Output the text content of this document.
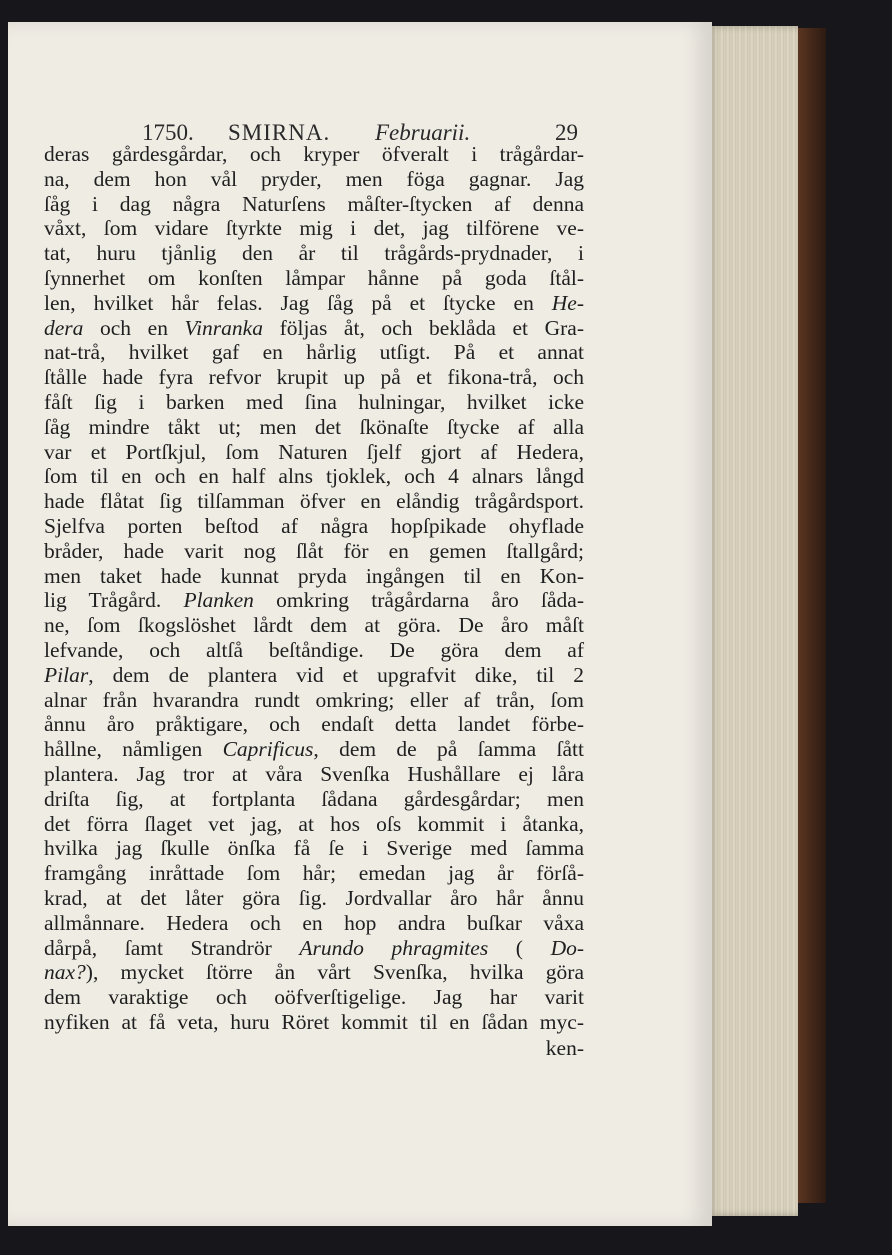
1750. SMIRNA. Februarii.	29
deras gårdesgårdar, och kryper öfveralt i trågårdar-
na, dem hon vål pryder, men föga gagnar. Jag
ſåg i dag några Naturſens måſter-ſtycken af denna
våxt, ſom vidare ſtyrkte mig i det, jag tilförene ve-
tat, huru tjånlig den år til trågårds-prydnader, i
ſynnerhet om konſten låmpar hånne på goda ſtål-
len, hvilket hår felas. Jag ſåg på et ſtycke en He-
dera och en Vinranka följas åt, och beklåda et Gra-
nat-trå, hvilket gaf en hårlig utſigt. På et annat
ſtålle hade fyra refvor krupit up på et fikona-trå, och
fåſt ſig i barken med ſina hulningar, hvilket icke
ſåg mindre tåkt ut; men det ſkönaſte ſtycke af alla
var et Portſkjul, ſom Naturen ſjelf gjort af Hedera,
ſom til en och en half alns tjoklek, och 4 alnars långd
hade flåtat ſig tilſamman öfver en elåndig trågårdsport.
Sjelfva porten beſtod af några hopſpikade ohyflade
bråder, hade varit nog ſlåt för en gemen ſtallgård;
men taket hade kunnat pryda ingången til en Kon-
lig Trågård. Planken omkring trågårdarna åro ſåda-
ne, ſom ſkogslöshet lårdt dem at göra. De åro måſt
lefvande, och altſå beſtåndige. De göra dem af
Pilar, dem de plantera vid et upgrafvit dike, til 2
alnar från hvarandra rundt omkring; eller af trån, ſom
ånnu åro pråktigare, och endaſt detta landet förbe-
hållne, nåmligen Caprificus, dem de på ſamma ſått
plantera. Jag tror at våra Svenſka Hushållare ej låra
driſta ſig, at fortplanta ſådana gårdesgårdar; men
det förra ſlaget vet jag, at hos oſs kommit i åtanka,
hvilka jag ſkulle önſka få ſe i Sverige med ſamma
framgång inråttade ſom hår; emedan jag år förſå-
krad, at det låter göra ſig. Jordvallar åro hår ånnu
allmånnare. Hedera och en hop andra buſkar våxa
dårpå, ſamt Strandrör Arundo phragmites ( Do-
nax?), mycket ſtörre ån vårt Svenſka, hvilka göra
dem varaktige och oöfverſtigelige. Jag har varit
nyfiken at få veta, huru Röret kommit til en ſådan myc-
ken-
